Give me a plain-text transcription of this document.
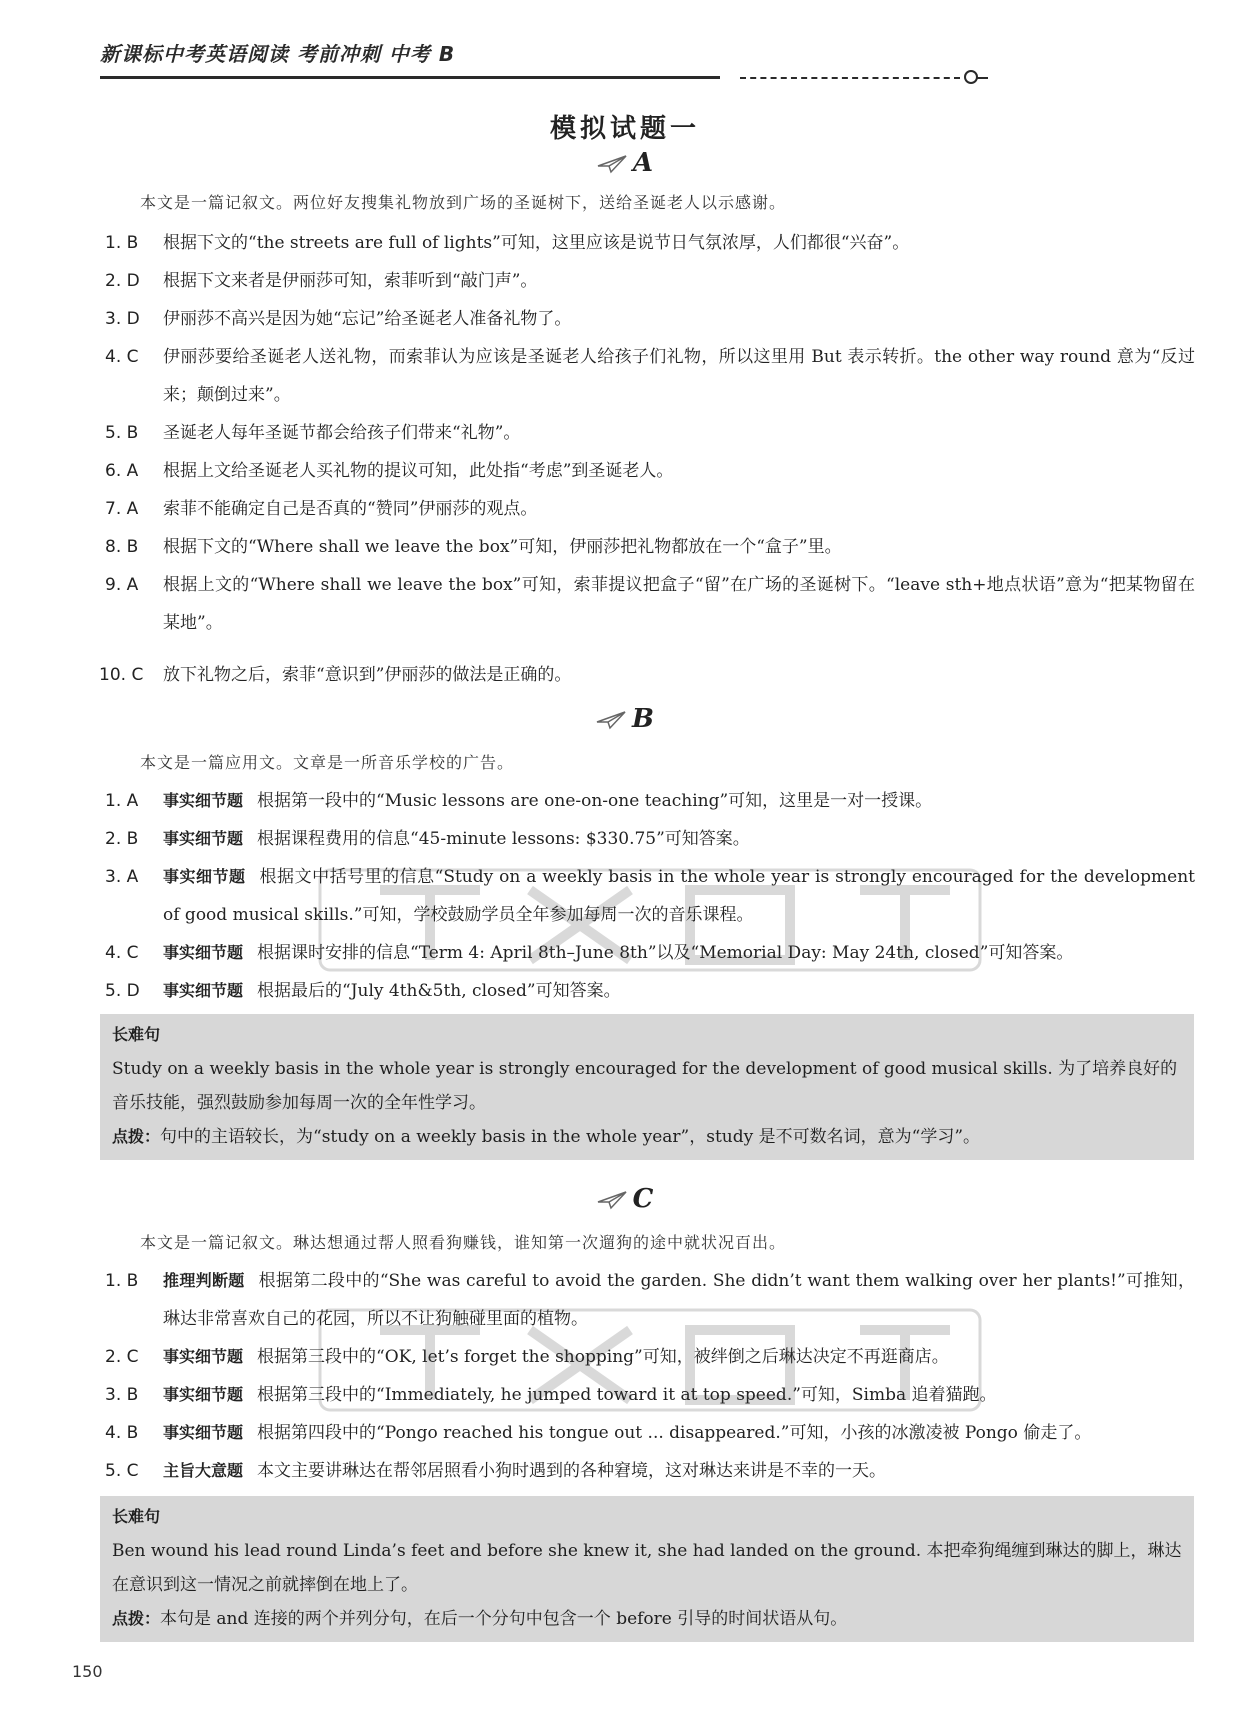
新课标中考英语阅读 考前冲刺 中考 B
模拟试题一
A
本文是一篇记叙文。两位好友搜集礼物放到广场的圣诞树下，送给圣诞老人以示感谢。
1. B	根据下文的“the streets are full of lights”可知，这里应该是说节日气氛浓厚，人们都很“兴奋”。
2. D	根据下文来者是伊丽莎可知，索菲听到“敲门声”。
3. D	伊丽莎不高兴是因为她“忘记”给圣诞老人准备礼物了。
4. C	伊丽莎要给圣诞老人送礼物，而索菲认为应该是圣诞老人给孩子们礼物，所以这里用 But 表示转折。the other way round 意为“反过来；颠倒过来”。
5. B	圣诞老人每年圣诞节都会给孩子们带来“礼物”。
6. A	根据上文给圣诞老人买礼物的提议可知，此处指“考虑”到圣诞老人。
7. A	索菲不能确定自己是否真的“赞同”伊丽莎的观点。
8. B	根据下文的“Where shall we leave the box”可知，伊丽莎把礼物都放在一个“盒子”里。
9. A	根据上文的“Where shall we leave the box”可知，索菲提议把盒子“留”在广场的圣诞树下。“leave sth+地点状语”意为“把某物留在某地”。
10. C	放下礼物之后，索菲“意识到”伊丽莎的做法是正确的。
B
本文是一篇应用文。文章是一所音乐学校的广告。
1. A	事实细节题 根据第一段中的“Music lessons are one-on-one teaching”可知，这里是一对一授课。
2. B	事实细节题 根据课程费用的信息“45-minute lessons: $330.75”可知答案。
3. A	事实细节题 根据文中括号里的信息“Study on a weekly basis in the whole year is strongly encouraged for the development of good musical skills.”可知，学校鼓励学员全年参加每周一次的音乐课程。
4. C	事实细节题 根据课时安排的信息“Term 4: April 8th–June 8th”以及“Memorial Day: May 24th, closed”可知答案。
5. D	事实细节题 根据最后的“July 4th&5th, closed”可知答案。
长难句
Study on a weekly basis in the whole year is strongly encouraged for the development of good musical skills. 为了培养良好的音乐技能，强烈鼓励参加每周一次的全年性学习。
点拨：句中的主语较长，为“study on a weekly basis in the whole year”，study 是不可数名词，意为“学习”。
C
本文是一篇记叙文。琳达想通过帮人照看狗赚钱，谁知第一次遛狗的途中就状况百出。
1. B	推理判断题 根据第二段中的“She was careful to avoid the garden. She didn’t want them walking over her plants!”可推知，琳达非常喜欢自己的花园，所以不让狗触碰里面的植物。
2. C	事实细节题 根据第三段中的“OK, let’s forget the shopping”可知，被绊倒之后琳达决定不再逛商店。
3. B	事实细节题 根据第三段中的“Immediately, he jumped toward it at top speed.”可知，Simba 追着猫跑。
4. B	事实细节题 根据第四段中的“Pongo reached his tongue out ... disappeared.”可知，小孩的冰激凌被 Pongo 偷走了。
5. C	主旨大意题 本文主要讲琳达在帮邻居照看小狗时遇到的各种窘境，这对琳达来讲是不幸的一天。
长难句
Ben wound his lead round Linda’s feet and before she knew it, she had landed on the ground. 本把牵狗绳缠到琳达的脚上，琳达在意识到这一情况之前就摔倒在地上了。
点拨：本句是 and 连接的两个并列分句，在后一个分句中包含一个 before 引导的时间状语从句。
150
